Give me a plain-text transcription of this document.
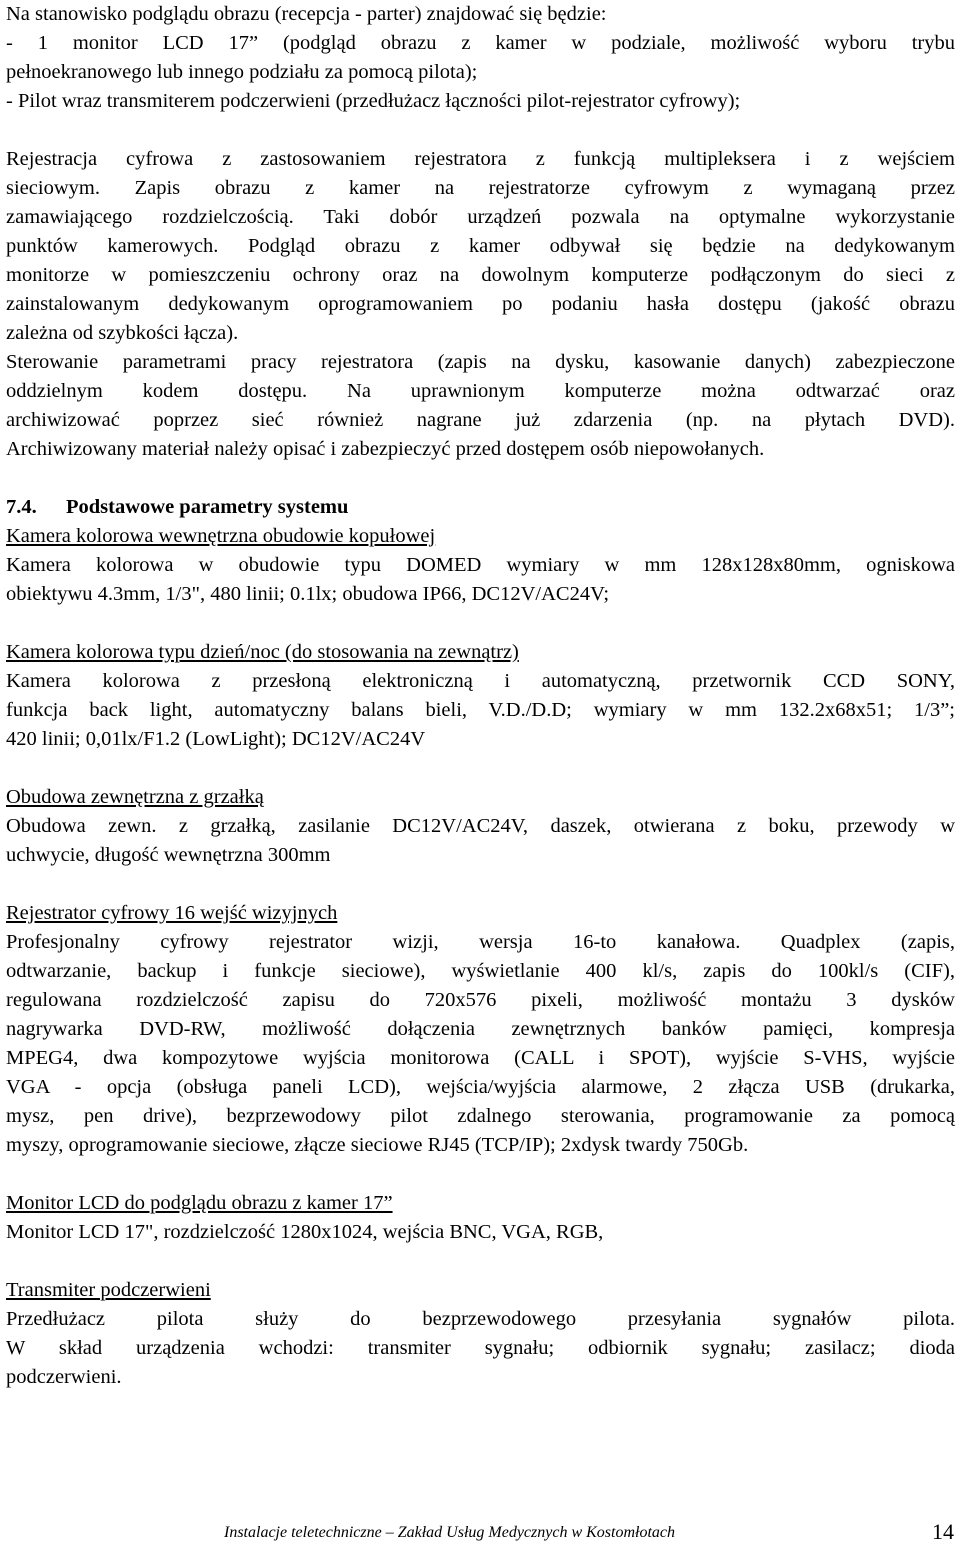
Na stanowisko podglądu obrazu (recepcja - parter) znajdować się będzie:

- 1 monitor LCD 17” (podgląd obrazu z kamer w podziale, możliwość wyboru trybu

pełnoekranowego lub innego podziału za pomocą pilota);

- Pilot wraz transmiterem podczerwieni (przedłużacz łączności pilot-rejestrator cyfrowy);

Rejestracja cyfrowa z zastosowaniem rejestratora z funkcją multipleksera i z wejściem

sieciowym. Zapis obrazu z kamer na rejestratorze cyfrowym z wymaganą przez

zamawiającego rozdzielczością. Taki dobór urządzeń pozwala na optymalne wykorzystanie

punktów kamerowych. Podgląd obrazu z kamer odbywał się będzie na dedykowanym

monitorze w pomieszczeniu ochrony oraz na dowolnym komputerze podłączonym do sieci z

zainstalowanym dedykowanym oprogramowaniem po podaniu hasła dostępu (jakość obrazu

zależna od szybkości łącza).

Sterowanie parametrami pracy rejestratora (zapis na dysku, kasowanie danych) zabezpieczone

oddzielnym kodem dostępu. Na uprawnionym komputerze można odtwarzać oraz

archiwizować poprzez sieć również nagrane już zdarzenia (np. na płytach DVD).

Archiwizowany materiał należy opisać i zabezpieczyć przed dostępem osób niepowołanych.

7.4. Podstawowe parametry systemu
Kamera kolorowa wewnętrzna obudowie kopułowej

Kamera kolorowa w obudowie typu DOMED wymiary w mm 128x128x80mm, ogniskowa

obiektywu 4.3mm, 1/3", 480 linii; 0.1lx; obudowa IP66, DC12V/AC24V;

Kamera kolorowa typu dzień/noc (do stosowania na zewnątrz)

Kamera kolorowa z przesłoną elektroniczną i automatyczną, przetwornik CCD SONY,

funkcja back light, automatyczny balans bieli, V.D./D.D; wymiary w mm 132.2x68x51; 1/3”;

420 linii; 0,01lx/F1.2 (LowLight); DC12V/AC24V

Obudowa zewnętrzna z grzałką

Obudowa zewn. z grzałką, zasilanie DC12V/AC24V, daszek, otwierana z boku, przewody w

uchwycie, długość wewnętrzna 300mm

Rejestrator cyfrowy 16 wejść wizyjnych

Profesjonalny cyfrowy rejestrator wizji, wersja 16-to kanałowa. Quadplex (zapis,

odtwarzanie, backup i funkcje sieciowe), wyświetlanie 400 kl/s, zapis do 100kl/s (CIF),

regulowana rozdzielczość zapisu do 720x576 pixeli, możliwość montażu 3 dysków

nagrywarka DVD-RW, możliwość dołączenia zewnętrznych banków pamięci, kompresja

MPEG4, dwa kompozytowe wyjścia monitorowa (CALL i SPOT), wyjście S-VHS, wyjście

VGA - opcja (obsługa paneli LCD), wejścia/wyjścia alarmowe, 2 złącza USB (drukarka,

mysz, pen drive), bezprzewodowy pilot zdalnego sterowania, programowanie za pomocą

myszy, oprogramowanie sieciowe, złącze sieciowe RJ45 (TCP/IP); 2xdysk twardy 750Gb.

Monitor LCD do podglądu obrazu z kamer 17”

Monitor LCD 17", rozdzielczość 1280x1024, wejścia BNC, VGA, RGB,

Transmiter podczerwieni

Przedłużacz pilota służy do bezprzewodowego przesyłania sygnałów pilota.

W skład urządzenia wchodzi: transmiter sygnału; odbiornik sygnału; zasilacz; dioda

podczerwieni.

Instalacje teletechniczne – Zakład Usług Medycznych w Kostomłotach	14
